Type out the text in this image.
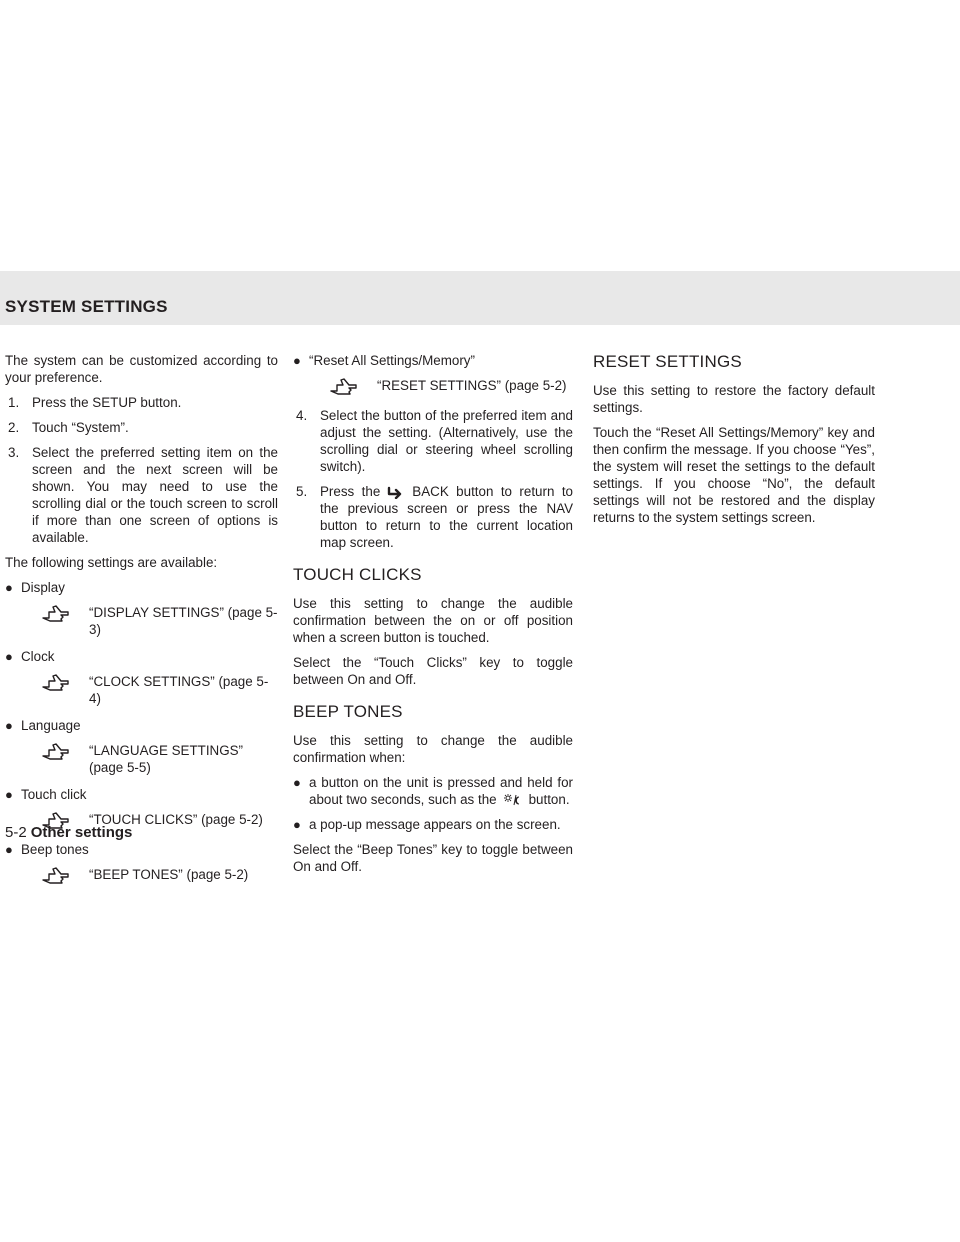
SYSTEM SETTINGS

The system can be customized according to your preference.

1. Press the SETUP button.
2. Touch “System”.
3. Select the preferred setting item on the screen and the next screen will be shown. You may need to use the scrolling dial or the touch screen to scroll if more than one screen of options is available.

The following settings are available:

● Display
“DISPLAY SETTINGS” (page 5-3)
● Clock
“CLOCK SETTINGS” (page 5-4)
● Language
“LANGUAGE SETTINGS” (page 5-5)
● Touch click
“TOUCH CLICKS” (page 5-2)
● Beep tones
“BEEP TONES” (page 5-2)
● “Reset All Settings/Memory”
“RESET SETTINGS” (page 5-2)
4. Select the button of the preferred item and adjust the setting. (Alternatively, use the scrolling dial or steering wheel scrolling switch).
5. Press the BACK button to return to the previous screen or press the NAV button to return to the current location map screen.
TOUCH CLICKS

Use this setting to change the audible confirmation between the on or off position when a screen button is touched.

Select the “Touch Clicks” key to toggle between On and Off.

BEEP TONES

Use this setting to change the audible confirmation when:

● a button on the unit is pressed and held for about two seconds, such as the button.
● a pop-up message appears on the screen.

Select the “Beep Tones” key to toggle between On and Off.

RESET SETTINGS

Use this setting to restore the factory default settings.

Touch the “Reset All Settings/Memory” key and then confirm the message. If you choose “Yes”, the system will reset the settings to the default settings. If you choose “No”, the default settings will not be restored and the display returns to the system settings screen.

5-2 Other settings
